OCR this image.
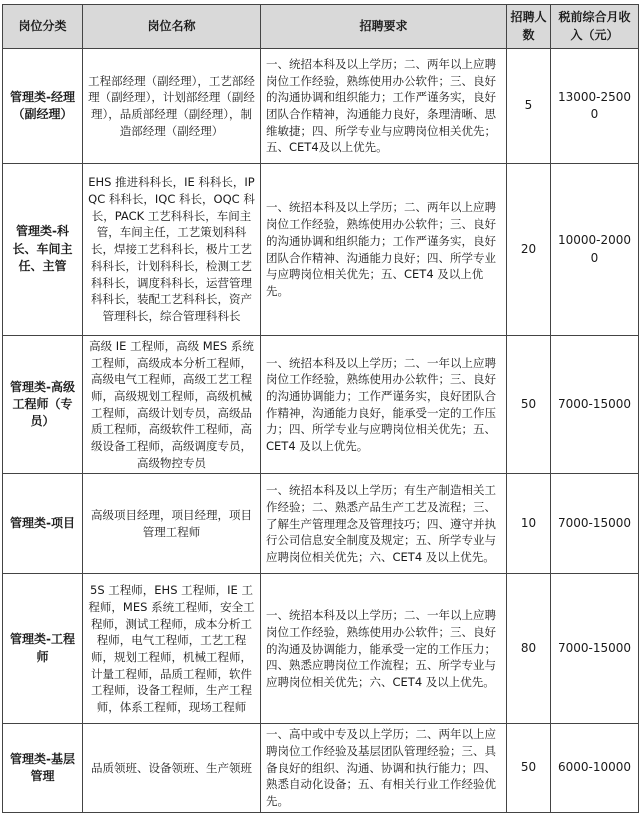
岗位分类	岗位名称	招聘要求	招聘人数	税前综合月收入（元）
管理类-经理（副经理）	工程部经理（副经理），工艺部经理（副经理），计划部经理（副经理），品质部经理（副经理），制造部经理（副经理）	一、统招本科及以上学历；二、两年以上应聘岗位工作经验，熟练使用办公软件；三、良好的沟通协调和组织能力；工作严谨务实，良好团队合作精神，沟通能力良好，条理清晰、思维敏捷；四、所学专业与应聘岗位相关优先；五、CET4及以上优先。	5	13000-25000
管理类-科长、车间主任、主管	EHS 推进科科长，IE 科科长，IPQC 科科长，IQC 科长，OQC 科长，PACK 工艺科科长，车间主管，车间主任，工艺策划科科长，焊接工艺科科长，极片工艺科科长，计划科科长，检测工艺科科长，调度科科长，运营管理科科长，装配工艺科科长，资产管理科长，综合管理科科长	一、统招本科及以上学历；二、两年以上应聘岗位工作经验，熟练使用办公软件；三、良好的沟通协调和组织能力；工作严谨务实，良好团队合作精神、沟通能力良好；四、所学专业与应聘岗位相关优先；五、CET4 及以上优先。	20	10000-20000
管理类-高级工程师（专员）	高级 IE 工程师，高级 MES 系统工程师，高级成本分析工程师，高级电气工程师，高级工艺工程师，高级规划工程师，高级机械工程师，高级计划专员，高级品质工程师，高级软件工程师，高级设备工程师，高级调度专员，高级物控专员	一、统招本科及以上学历；二、一年以上应聘岗位工作经验，熟练使用办公软件；三、良好的沟通协调能力；工作严谨务实，良好团队合作精神，沟通能力良好，能承受一定的工作压力；四、所学专业与应聘岗位相关优先；五、CET4 及以上优先。	50	7000-15000
管理类-项目	高级项目经理，项目经理，项目管理工程师	一、统招本科及以上学历；有生产制造相关工作经验；二、熟悉产品生产工艺及流程；三、了解生产管理理念及管理技巧；四、遵守并执行公司信息安全制度及规定；五、所学专业与应聘岗位相关优先；六、CET4 及以上优先。	10	7000-15000
管理类-工程师	5S 工程师，EHS 工程师，IE 工程师，MES 系统工程师，安全工程师，测试工程师，成本分析工程师，电气工程师，工艺工程师，规划工程师，机械工程师，计量工程师，品质工程师，软件工程师，设备工程师，生产工程师，体系工程师，现场工程师	一、统招本科及以上学历；二、一年以上应聘岗位工作经验，熟练使用办公软件；三、良好的沟通及协调能力，能承受一定的工作压力；四、熟悉应聘岗位工作流程；五、所学专业与应聘岗位相关优先；六、CET4 及以上优先。	80	7000-15000
管理类-基层管理	品质领班、设备领班、生产领班	一、高中或中专及以上学历；二、两年以上应聘岗位工作经验及基层团队管理经验；三、具备良好的组织、沟通、协调和执行能力；四、熟悉自动化设备；五、有相关行业工作经验优先。	50	6000-10000
